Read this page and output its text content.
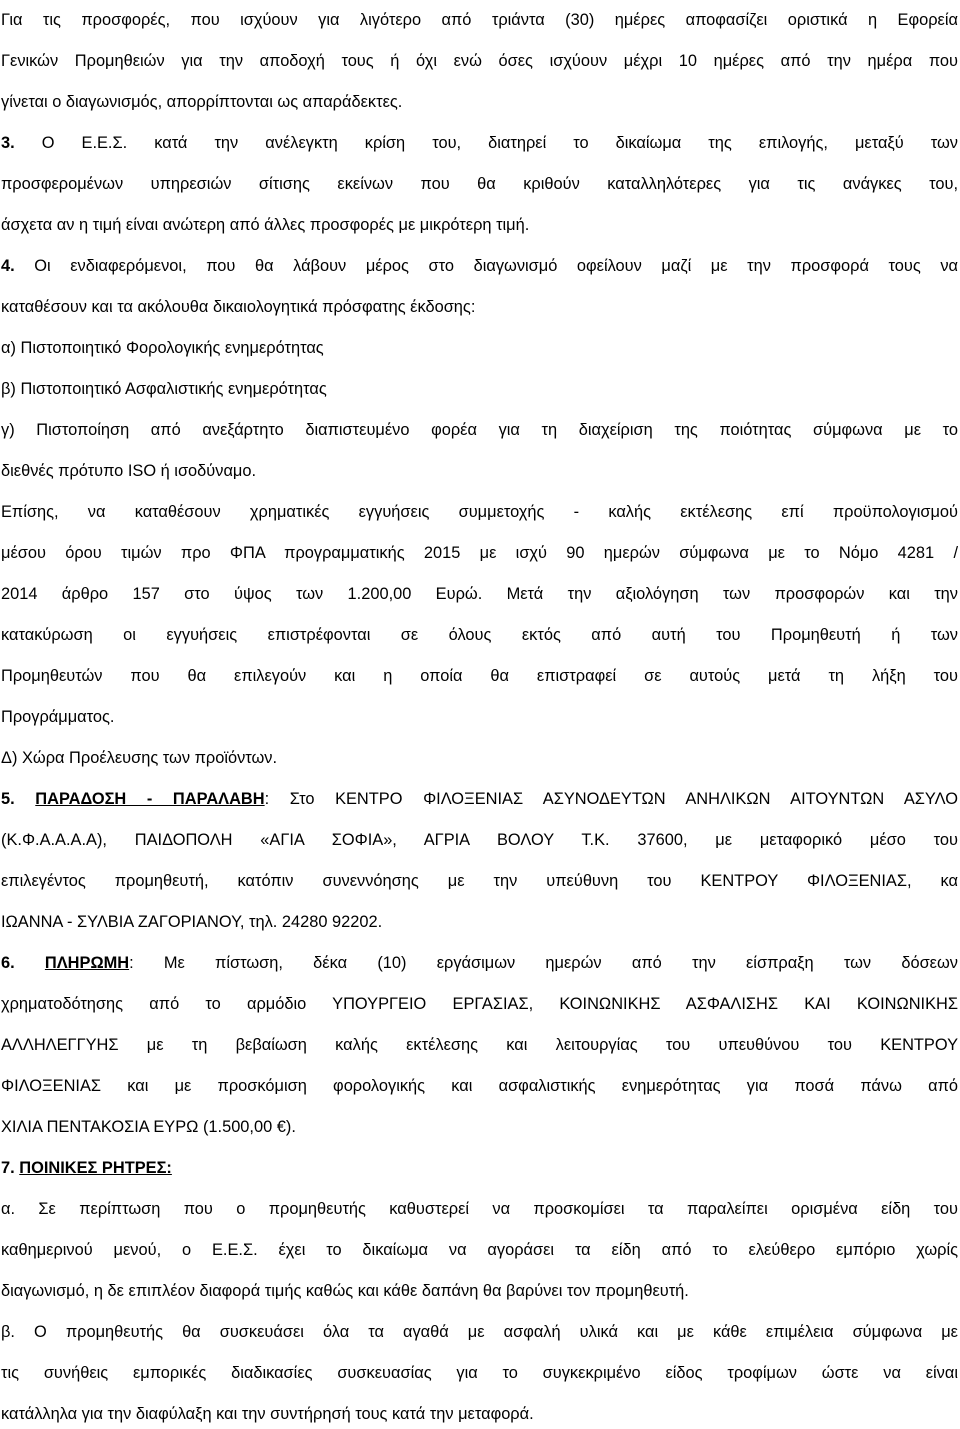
Για τις προσφορές, που ισχύουν για λιγότερο από τριάντα (30) ημέρες αποφασίζει οριστικά η Εφορεία
Γενικών Προμηθειών για την αποδοχή τους ή όχι ενώ όσες ισχύουν μέχρι 10 ημέρες από την ημέρα που
γίνεται ο διαγωνισμός, απορρίπτονται ως απαράδεκτες.
3. Ο Ε.Ε.Σ. κατά την ανέλεγκτη κρίση του, διατηρεί το δικαίωμα της επιλογής, μεταξύ των
προσφερομένων υπηρεσιών σίτισης εκείνων που θα κριθούν καταλληλότερες για τις ανάγκες του,
άσχετα αν η τιμή είναι ανώτερη από άλλες προσφορές με μικρότερη τιμή.
4. Οι ενδιαφερόμενοι, που θα λάβουν μέρος στο διαγωνισμό οφείλουν μαζί με την προσφορά τους να
καταθέσουν και τα ακόλουθα δικαιολογητικά πρόσφατης έκδοσης:
α) Πιστοποιητικό Φορολογικής ενημερότητας
β) Πιστοποιητικό Ασφαλιστικής ενημερότητας
γ) Πιστοποίηση από ανεξάρτητο διαπιστευμένο φορέα για τη διαχείριση της ποιότητας σύμφωνα με το
διεθνές πρότυπο ISO ή ισοδύναμο.
Επίσης, να καταθέσουν χρηματικές εγγυήσεις συμμετοχής - καλής εκτέλεσης επί προϋπολογισμού
μέσου όρου τιμών προ ΦΠΑ προγραμματικής 2015 με ισχύ 90 ημερών σύμφωνα με το Νόμο 4281 /
2014 άρθρο 157 στο ύψος των 1.200,00 Ευρώ. Μετά την αξιολόγηση των προσφορών και την
κατακύρωση οι εγγυήσεις επιστρέφονται σε όλους εκτός από αυτή του Προμηθευτή ή των
Προμηθευτών που θα επιλεγούν και η οποία θα επιστραφεί σε αυτούς μετά τη λήξη του
Προγράμματος.
Δ) Χώρα Προέλευσης των προϊόντων.
5. ΠΑΡΑΔΟΣΗ - ΠΑΡΑΛΑΒΗ: Στο ΚΕΝΤΡΟ ΦΙΛΟΞΕΝΙΑΣ ΑΣΥΝΟΔΕΥΤΩΝ ΑΝΗΛΙΚΩΝ ΑΙΤΟΥΝΤΩΝ ΑΣΥΛΟ
(Κ.Φ.Α.Α.Α.Α), ΠΑΙΔΟΠΟΛΗ «ΑΓΙΑ ΣΟΦΙΑ», ΑΓΡΙΑ ΒΟΛΟΥ Τ.Κ. 37600, με μεταφορικό μέσο του
επιλεγέντος προμηθευτή, κατόπιν συνεννόησης με την υπεύθυνη του ΚΕΝΤΡΟΥ ΦΙΛΟΞΕΝΙΑΣ, κα
ΙΩΑΝΝΑ - ΣΥΛΒΙΑ ΖΑΓΟΡΙΑΝΟΥ, τηλ. 24280 92202.
6. ΠΛΗΡΩΜΗ: Με πίστωση, δέκα (10) εργάσιμων ημερών από την είσπραξη των δόσεων
χρηματοδότησης από το αρμόδιο ΥΠΟΥΡΓΕΙΟ ΕΡΓΑΣΙΑΣ, ΚΟΙΝΩΝΙΚΗΣ ΑΣΦΑΛΙΣΗΣ ΚΑΙ ΚΟΙΝΩΝΙΚΗΣ
ΑΛΛΗΛΕΓΓΥΗΣ με τη βεβαίωση καλής εκτέλεσης και λειτουργίας του υπευθύνου του ΚΕΝΤΡΟΥ
ΦΙΛΟΞΕΝΙΑΣ και με προσκόμιση φορολογικής και ασφαλιστικής ενημερότητας για ποσά πάνω από
ΧΙΛΙΑ ΠΕΝΤΑΚΟΣΙΑ ΕΥΡΩ (1.500,00 €).
7. ΠΟΙΝΙΚΕΣ ΡΗΤΡΕΣ:
α. Σε περίπτωση που ο προμηθευτής καθυστερεί να προσκομίσει τα παραλείπει ορισμένα είδη του
καθημερινού μενού, ο Ε.Ε.Σ. έχει το δικαίωμα να αγοράσει τα είδη από το ελεύθερο εμπόριο χωρίς
διαγωνισμό, η δε επιπλέον διαφορά τιμής καθώς και κάθε δαπάνη θα βαρύνει τον προμηθευτή.
β. Ο προμηθευτής θα συσκευάσει όλα τα αγαθά με ασφαλή υλικά και με κάθε επιμέλεια σύμφωνα με
τις συνήθεις εμπορικές διαδικασίες συσκευασίας για το συγκεκριμένο είδος τροφίμων ώστε να είναι
κατάλληλα για την διαφύλαξη και την συντήρησή τους κατά την μεταφορά.
